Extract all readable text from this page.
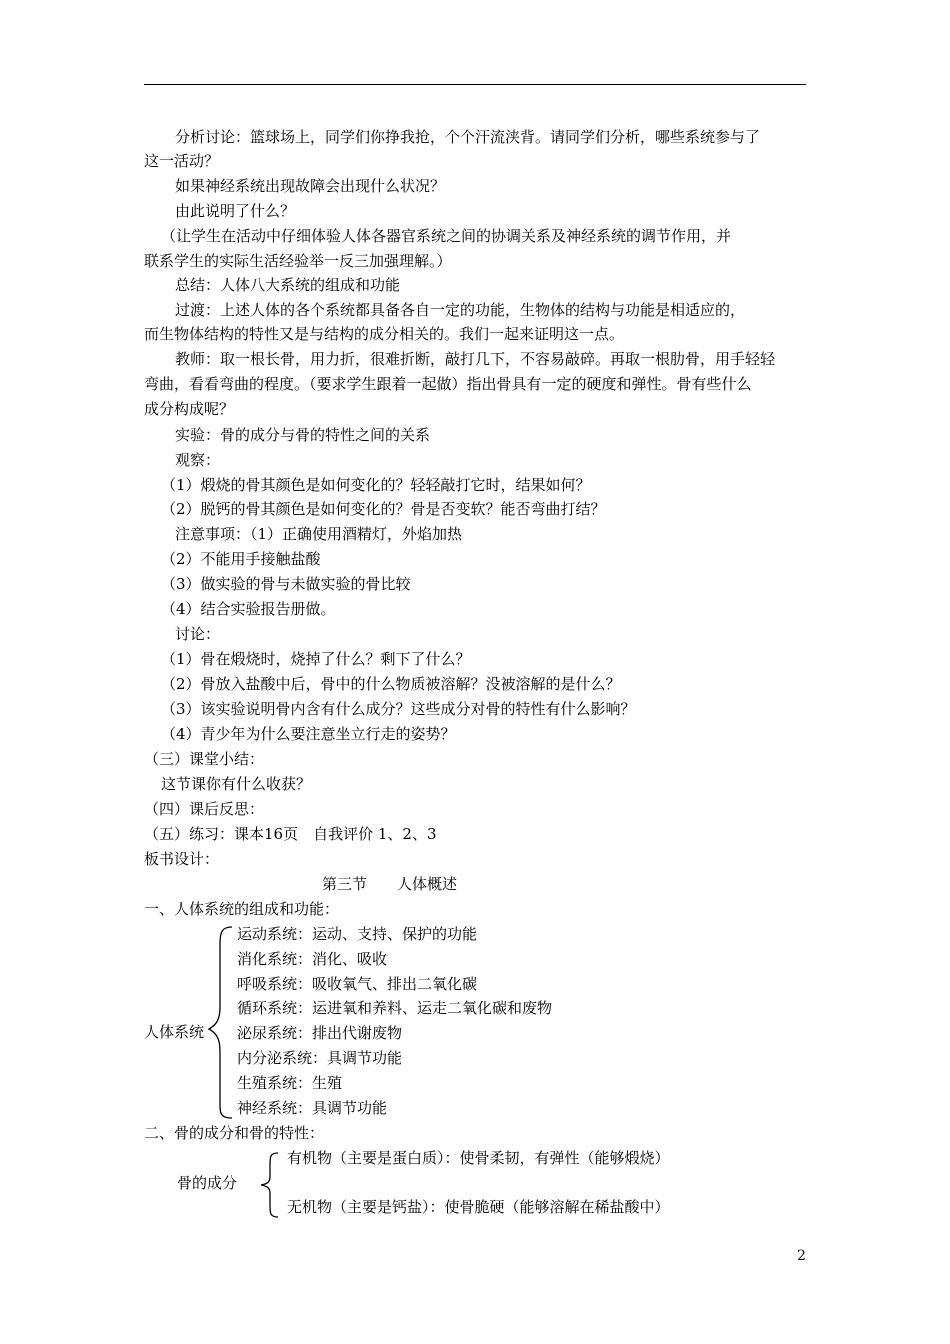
分析讨论：篮球场上，同学们你挣我抢，个个汗流浃背。请同学们分析，哪些系统参与了
这一活动？
如果神经系统出现故障会出现什么状况？
由此说明了什么？
（让学生在活动中仔细体验人体各器官系统之间的协调关系及神经系统的调节作用，并
联系学生的实际生活经验举一反三加强理解。）
总结：人体八大系统的组成和功能
过渡：上述人体的各个系统都具备各自一定的功能，生物体的结构与功能是相适应的，
而生物体结构的特性又是与结构的成分相关的。我们一起来证明这一点。
教师：取一根长骨，用力折，很难折断，敲打几下，不容易敲碎。再取一根肋骨，用手轻轻
弯曲，看看弯曲的程度。（要求学生跟着一起做）指出骨具有一定的硬度和弹性。骨有些什么
成分构成呢？
实验：骨的成分与骨的特性之间的关系
观察：
（1）煅烧的骨其颜色是如何变化的？轻轻敲打它时，结果如何？
（2）脱钙的骨其颜色是如何变化的？骨是否变软？能否弯曲打结？
注意事项：（1）正确使用酒精灯，外焰加热
（2）不能用手接触盐酸
（3）做实验的骨与未做实验的骨比较
（4）结合实验报告册做。
讨论：
（1）骨在煅烧时，烧掉了什么？剩下了什么？
（2）骨放入盐酸中后，骨中的什么物质被溶解？没被溶解的是什么？
（3）该实验说明骨内含有什么成分？这些成分对骨的特性有什么影响？
（4）青少年为什么要注意坐立行走的姿势？
（三）课堂小结：
这节课你有什么收获？
（四）课后反思：
（五）练习：课本16页　自我评价 1、2、3
板书设计：
第三节　　人体概述
一、人体系统的组成和功能：
人体系统
运动系统：运动、支持、保护的功能
消化系统：消化、吸收
呼吸系统：吸收氧气、排出二氧化碳
循环系统：运进氧和养料、运走二氧化碳和废物
泌尿系统：排出代谢废物
内分泌系统：具调节功能
生殖系统：生殖
神经系统：具调节功能
二、骨的成分和骨的特性：
骨的成分
有机物（主要是蛋白质）：使骨柔韧，有弹性（能够煅烧）
无机物（主要是钙盐）：使骨脆硬（能够溶解在稀盐酸中）
2
